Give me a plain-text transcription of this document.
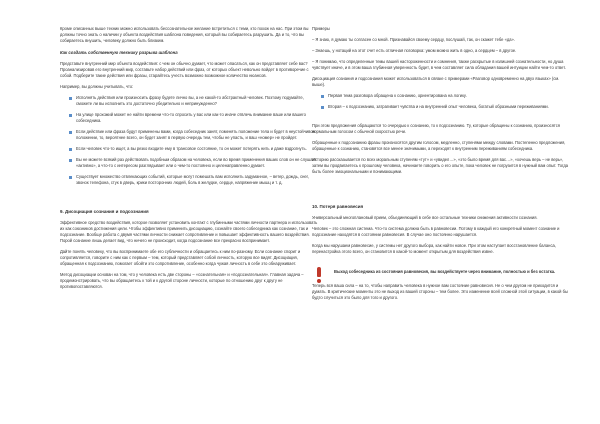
Кроме описанных выше техник можно использовать бессознательное желание встретиться с теми, кто похож на нас. При этом вы должны точно знать о наличии у объекта воздействия шаблона поведения, который вы собираетесь разрушить. Да и то, что вы собираетесь внушить, человеку должно быть близким.

Как создать собственную технику разрыва шаблона

Представьте внутренний мир объекта воздействия: с чем он обычно думает, что может опасаться, как он представляет себе вас? Проанализировав его внутренний мир, составьте набор действий или фраз, от которых объект невольно войдет в противоречие с собой. Подберите такие действия или фразы, старайтесь учесть возможно возможное количество нюансов.

Например, вы должны учитывать, что:

Исполнять действия или произносить фразу будете лично вы, а не какой-то абстрактный человек. Поэтому подумайте, сможете ли вы исполнить это достаточно убедительно и непринужденно?
На улице прохожий может не найти времени что-то спросить у вас или как-то иначе отвлечь внимание ваше или вашего собеседника.
Если действие или фраза будут применены вами, когда собеседник занят, поменять положение тела и будет в неустойчивом положении, то, вероятнее всего, он будет занят в первую очередь тем, чтобы не упасть, и ваш «номер» не пройдет.
Если человек что-то ищет, а вы резко входите ему в трансовое состояние, то он может потерять нить и даже вздрогнуть.
Вы не можете всякий раз действовать подобным образом на человека, если во время применения ваших слов он не слушает «активно», а что-то с интересом разглядывает или о чем-то постоянно и целенаправленно думает.
Существует множество отвлекающих событий, которые могут помешать вам исполнить задуманное, – ветер, дождь, снег, звонок телефона, стук в дверь, крики посторонних людей, боль в желудке, сердце, напряжение мышц и т. д.

9. Дисоциация сознания и подсознания

Эффективное средство воздействия, которое позволяет установить контакт с глубинными частями личности партнера и использовать их как союзников достижения цели. Чтобы эффективно применить дисоциацию, сознайте своего собеседника как сознание, так и подсознание. Вообще работа с двумя частями личности снижает сопротивление и повышает эффективность вашего воздействия. Порой сознание лишь делает вид, что ничего не происходит, когда подсознание все прекрасно воспринимает.

Дайте понять человеку, что вы воспринимаете обе его субличности и обращаетесь к ним по-разному. Если сознание спорит и сопротивляется, говорите с ним как с первым – тем, который представляет собой личность, которую все видят. Дисоциация, обращенная к подсознанию, помогает обойти это сопротивление, особенно когда чужая личность в себе это обнаруживает.

Метод дисоциации основан на том, что у человека есть две стороны – «сознательная» и «подсознательная». Главная задача – продемонстрировать, что вы обращаетесь к той и к другой стороне личности, которые по отношению друг к другу не противопоставляются.

Примеры

– Я знаю, я думаю ты согласен со мной. Признавайся своему сердцу, послушай, так, он скажет тебе «да».

– Знаешь, у нотаций на этот счет есть отличная поговорка: умом можно жить в одно, а сердцем – в другое.

– Я понимаю, что определенные темы вашей настороженности и сомнения, также раскрытые в излишней сознательности, но душа чувствует иначе, и в этом ваша глубинная уверенность будет, в чем составляет сила обладания вашей интуиции найти чем-то ответ.

Дисоциация сознания и подсознания может использоваться в связке с примерами «Разговор одновременно на двух языках» (см. выше).

Первая тема разговора обращена к сознанию, ориентирована на логику.
Вторая – к подсознанию, затрагивает чувства и на внутренний опыт человека, богатый образными переживаниями.

При этом предложения обращаются то очередью к сознанию, то к подсознанию. Ту, которые обращены к сознанию, произносятся нормальным голосом с обычной скоростью речи.

Обращенные к подсознанию фразы произносятся другим голосом, медленно, ступенями между словами. Постепенно предложения, обращенные к сознанию, становятся все менее значимыми, а переходят к внутренним переживаниям собеседника.

Историю рассказывается по всех моральным ступеням «тут» и «увидел…», «это было время для вас…», «хочешь верь – не верь», затем вы продвигаетесь к прошлому человека, начинаете говорить о его опыте, пока человек не погрузится в нужный вам опыт. Тогда быть более эмоциональными и понимающими.

10. Потеря равновесия

Универсальный многоплановый прием, объединяющий в себе все остальные техники снижения активности сознания.

Человек – это сложная система. Что-то система должна быть в равновесии. Потому в каждый его конкретный момент сознание и подсознание находятся в состоянии равновесия. В случае оно постоянно нарушается.

Когда мы нарушаем равновесие, у системы нет другого выбора, как найти новое. При этом наступает восстановление баланса, перенастройка этого всего, он становится в какой-то момент открытым для воздействия извне.

Выход собеседника из состояния равновесия, вы воздействуете через внимание, полностью и без остатка.

Теперь вся ваша сила – на то, чтобы направить человека в нужное вам состояние равновесия. Не о чем другом не приходится и думать. В критические моменты это не выход из вашей стороны – тем более. Это изменение всей сложной этой ситуации, в какой бы будто случиться это было для того и другого.
